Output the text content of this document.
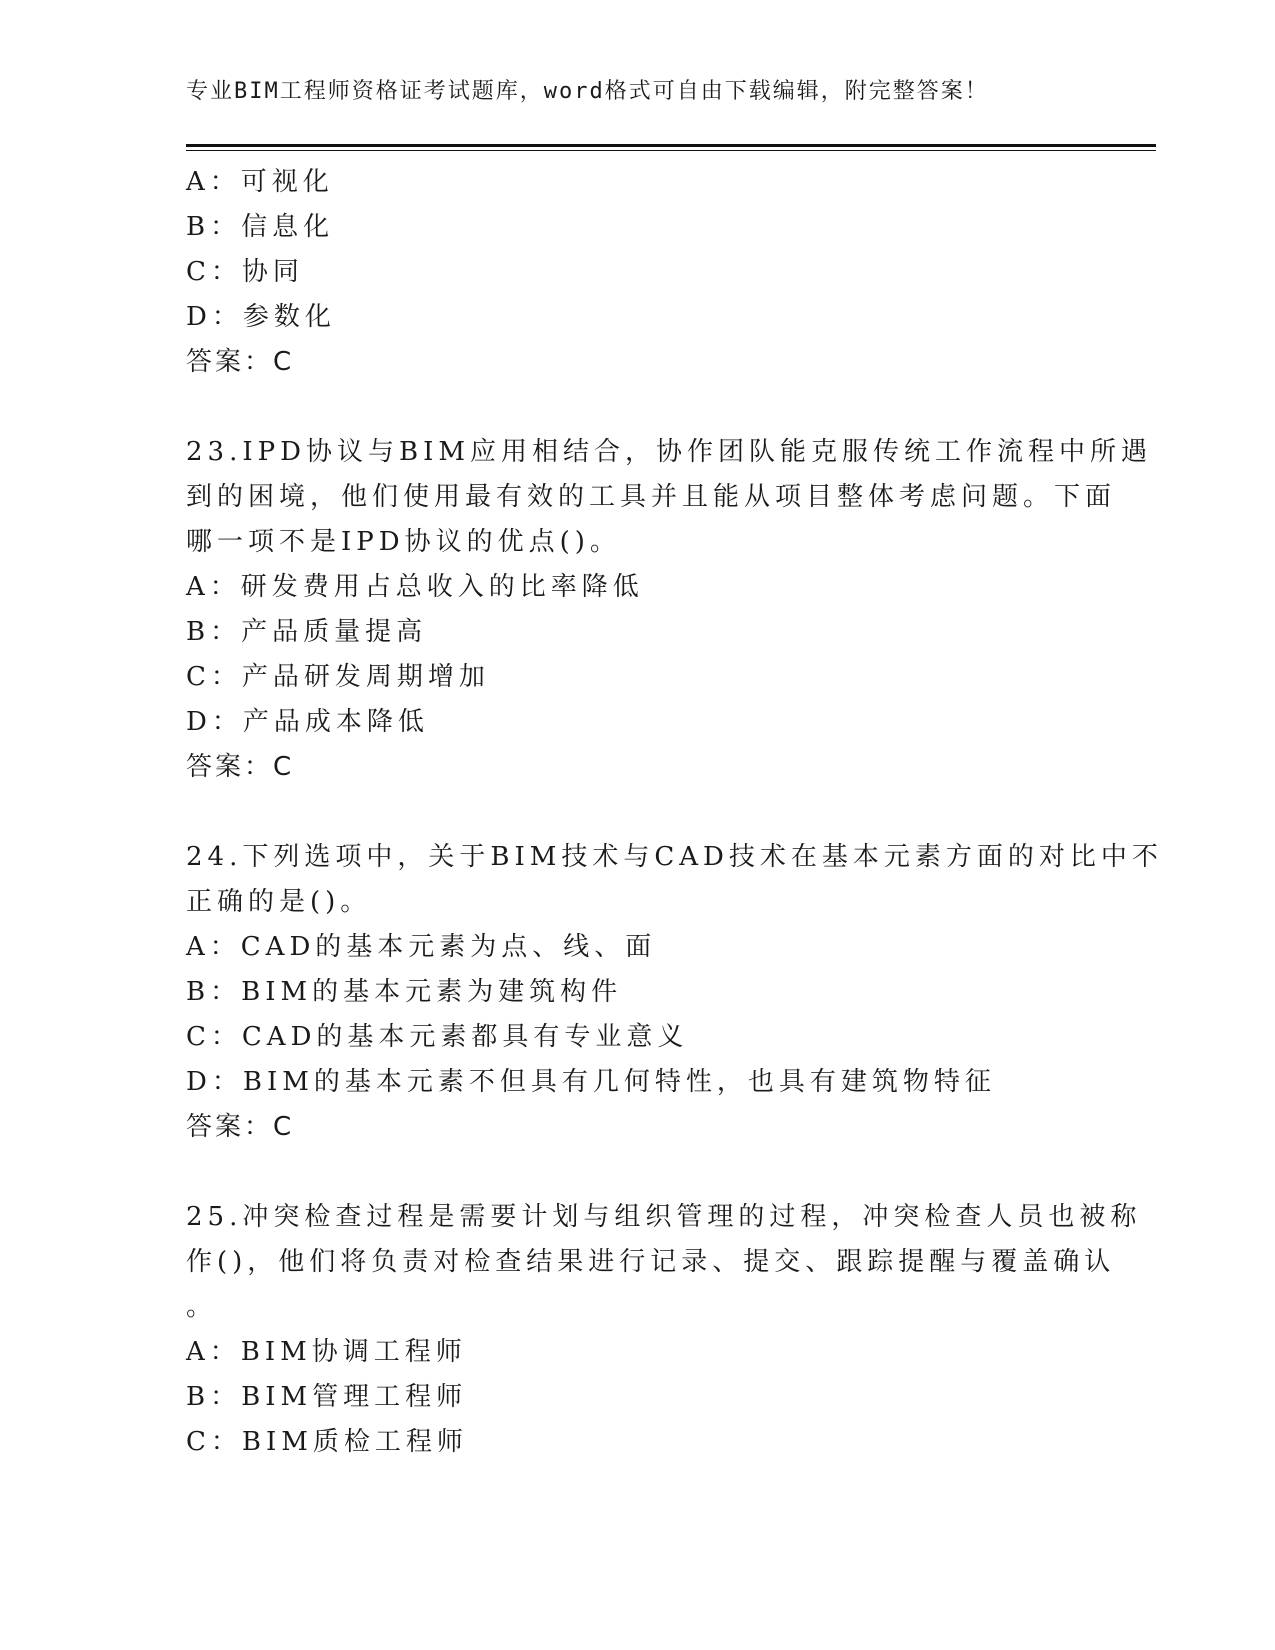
专业BIM工程师资格证考试题库，word格式可自由下载编辑，附完整答案！
A：可视化
B：信息化
C：协同
D：参数化
答案：C
23.IPD协议与BIM应用相结合，协作团队能克服传统工作流程中所遇
到的困境，他们使用最有效的工具并且能从项目整体考虑问题。下面
哪一项不是IPD协议的优点()。
A：研发费用占总收入的比率降低
B：产品质量提高
C：产品研发周期增加
D：产品成本降低
答案：C
24.下列选项中，关于BIM技术与CAD技术在基本元素方面的对比中不
正确的是()。
A：CAD的基本元素为点、线、面
B：BIM的基本元素为建筑构件
C：CAD的基本元素都具有专业意义
D：BIM的基本元素不但具有几何特性，也具有建筑物特征
答案：C
25.冲突检查过程是需要计划与组织管理的过程，冲突检查人员也被称
作()，他们将负责对检查结果进行记录、提交、跟踪提醒与覆盖确认
。
A：BIM协调工程师
B：BIM管理工程师
C：BIM质检工程师
